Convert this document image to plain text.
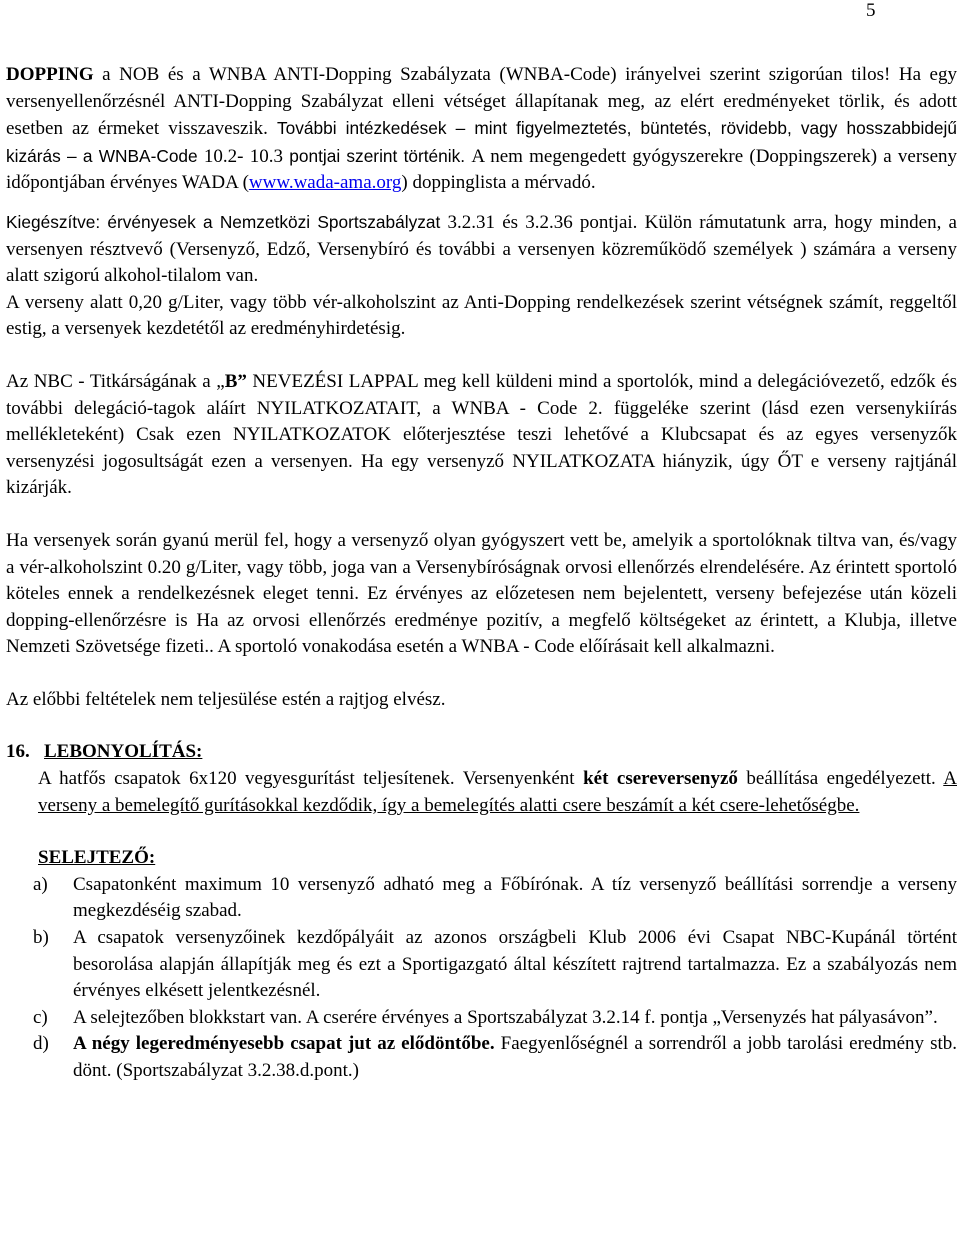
5

DOPPING a NOB és a WNBA ANTI-Dopping Szabályzata (WNBA-Code) irányelvei szerint szigorúan tilos! Ha egy versenyellenőrzésnél ANTI-Dopping Szabályzat elleni vétséget állapítanak meg, az elért eredményeket törlik, és adott esetben az érmeket visszaveszik. További intézkedések – mint figyelmeztetés, büntetés, rövidebb, vagy hosszabbidejű kizárás – a WNBA-Code 10.2- 10.3 pontjai szerint történik. A nem megengedett gyógyszerekre (Doppingszerek) a verseny időpontjában érvényes WADA (www.wada-ama.org) doppinglista a mérvadó.

Kiegészítve: érvényesek a Nemzetközi Sportszabályzat 3.2.31 és 3.2.36 pontjai. Külön rámutatunk arra, hogy minden, a versenyen résztvevő (Versenyző, Edző, Versenybíró és további a versenyen közreműködő személyek ) számára a verseny alatt szigorú alkohol-tilalom van.

A verseny alatt 0,20 g/Liter, vagy több vér-alkoholszint az Anti-Dopping rendelkezések szerint vétségnek számít, reggeltől estig, a versenyek kezdetétől az eredményhirdetésig.

Az NBC - Titkárságának a „B” NEVEZÉSI LAPPAL meg kell küldeni mind a sportolók, mind a delegációvezető, edzők és további delegáció-tagok aláírt NYILATKOZATAIT, a WNBA - Code 2. függeléke szerint (lásd ezen versenykiírás mellékleteként) Csak ezen NYILATKOZATOK előterjesztése teszi lehetővé a Klubcsapat és az egyes versenyzők versenyzési jogosultságát ezen a versenyen. Ha egy versenyző NYILATKOZATA hiányzik, úgy ŐT e verseny rajtjánál kizárják.

Ha versenyek során gyanú merül fel, hogy a versenyző olyan gyógyszert vett be, amelyik a sportolóknak tiltva van, és/vagy a vér-alkoholszint 0.20 g/Liter, vagy több, joga van a Versenybíróságnak orvosi ellenőrzés elrendelésére. Az érintett sportoló köteles ennek a rendelkezésnek eleget tenni. Ez érvényes az előzetesen nem bejelentett, verseny befejezése után közeli dopping-ellenőrzésre is Ha az orvosi ellenőrzés eredménye pozitív, a megfelő költségeket az érintett, a Klubja, illetve Nemzeti Szövetsége fizeti.. A sportoló vonakodása esetén a WNBA - Code előírásait kell alkalmazni.

Az előbbi feltételek nem teljesülése estén a rajtjog elvész.

16. LEBONYOLÍTÁS:

A hatfős csapatok 6x120 vegyesgurítást teljesítenek. Versenyenként két csereversenyző beállítása engedélyezett. A verseny a bemelegítő gurításokkal kezdődik, így a bemelegítés alatti csere beszámít a két csere-lehetőségbe.

SELEJTEZŐ:
a) Csapatonként maximum 10 versenyző adható meg a Főbírónak. A tíz versenyző beállítási sorrendje a verseny megkezdéséig szabad.
b) A csapatok versenyzőinek kezdőpályáit az azonos országbeli Klub 2006 évi Csapat NBC-Kupánál történt besorolása alapján állapítják meg és ezt a Sportigazgató által készített rajtrend tartalmazza. Ez a szabályozás nem érvényes elkésett jelentkezésnél.
c) A selejtezőben blokkstart van. A cserére érvényes a Sportszabályzat 3.2.14 f. pontja „Versenyzés hat pályasávon”.
d) A négy legeredményesebb csapat jut az elődöntőbe. Faegyenlőségnél a sorrendről a jobb tarolási eredmény stb. dönt. (Sportszabályzat 3.2.38.d.pont.)
